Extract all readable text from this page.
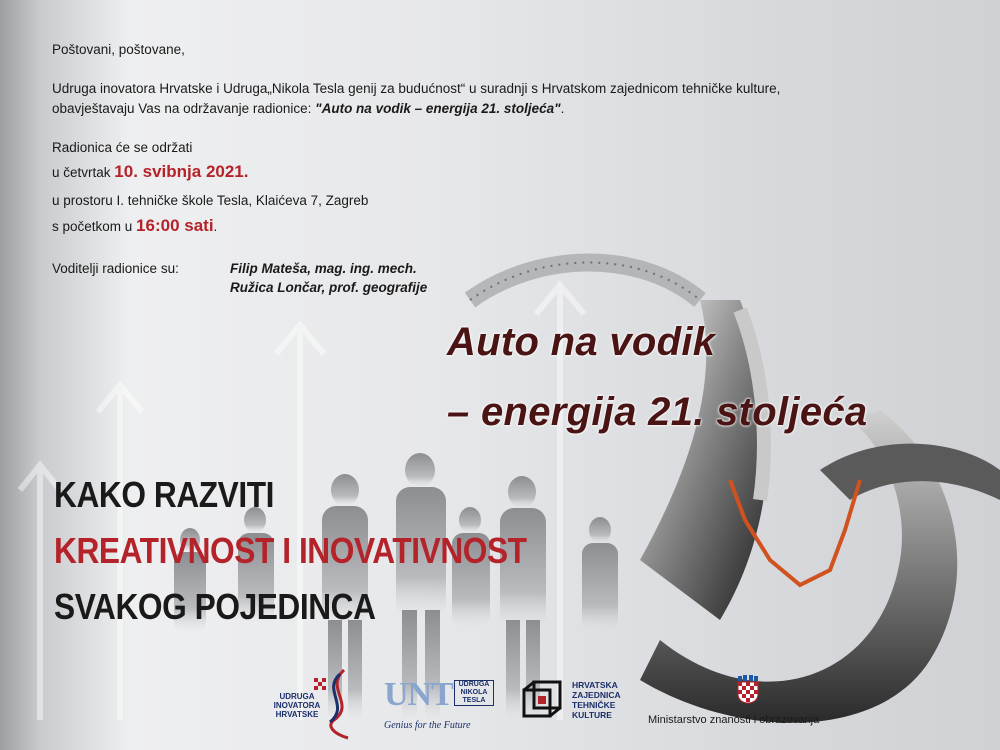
Poštovani, poštovane,
Udruga inovatora Hrvatske i Udruga„Nikola Tesla genij za budućnost“ u suradnji s Hrvatskom zajednicom tehničke kulture,
obavještavaju Vas na održavanje radionice: "Auto na vodik – energija 21. stoljeća".
Radionica će se održati
u četvrtak 10. svibnja 2021.
u prostoru I. tehničke škole Tesla, Klaićeva 7, Zagreb
s početkom u 16:00 sati.
Voditelji radionice su:	Filip Mateša, mag. ing. mech.
Ružica Lončar, prof. geografije
Auto na vodik
– energija 21. stoljeća
KAKO RAZVITI
KREATIVNOST I INOVATIVNOST
SVAKOG POJEDINCA
UDRUGA
INOVATORA
HRVATSKE
UNT UDRUGA
NIKOLA
TESLA
Genius for the Future
HRVATSKA
ZAJEDNICA
TEHNIČKE
KULTURE	Ministarstvo znanosti i obrazovanja
